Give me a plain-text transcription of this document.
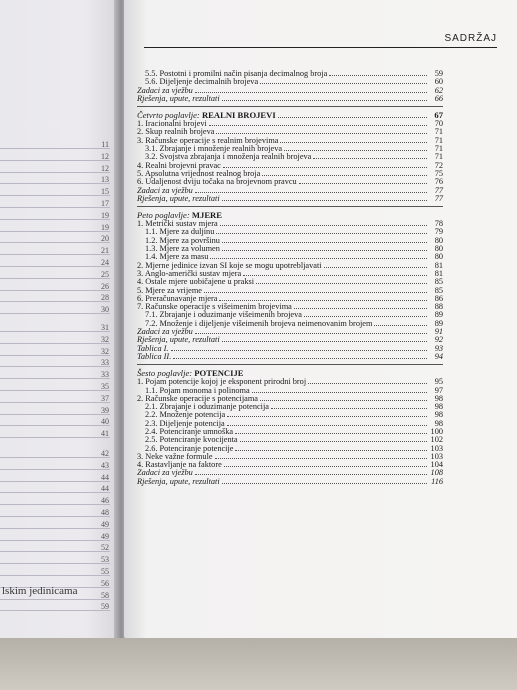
11
12
12
13
15
17
19
19
20
21
24
25
26
28
30
31
32
32
33
33
35
37
39
40
41
42
43
44
44
46
48
49
49
52
53
55
56
58
59
lskim jedinicama
SADRŽAJ
5.5. Postotni i promilni način pisanja decimalnog broja	59
5.6. Dijeljenje decimalnih brojeva	60
Zadaci za vježbu	62
Rješenja, upute, rezultati	66
Četvrto poglavlje: REALNI BROJEVI	67
1. Iracionalni brojevi	70
2. Skup realnih brojeva	71
3. Računske operacije s realnim brojevima	71
3.1. Zbrajanje i množenje realnih brojeva	71
3.2. Svojstva zbrajanja i množenja realnih brojeva	71
4. Realni brojevni pravac	72
5. Apsolutna vrijednost realnog broja	75
6. Udaljenost dviju točaka na brojevnom pravcu	76
Zadaci za vježbu	77
Rješenja, upute, rezultati	77
Peto poglavlje: MJERE
1. Metrički sustav mjera	78
1.1. Mjere za duljinu	79
1.2. Mjere za površinu	80
1.3. Mjere za volumen	80
1.4. Mjere za masu	80
2. Mjerne jedinice izvan SI koje se mogu upotrebljavati	81
3. Anglo-američki sustav mjera	81
4. Ostale mjere uobičajene u praksi	85
5. Mjere za vrijeme	85
6. Preračunavanje mjera	86
7. Računske operacije s višeimenim brojevima	88
7.1. Zbrajanje i oduzimanje višeimenih brojeva	89
7.2. Množenje i dijeljenje višeimenih brojeva neimenovanim brojem	89
Zadaci za vježbu	91
Rješenja, upute, rezultati	92
Tablica I.	93
Tablica II.	94
Šesto poglavlje: POTENCIJE
1. Pojam potencije kojoj je eksponent prirodni broj	95
1.1. Pojam monoma i polinoma	97
2. Računske operacije s potencijama	98
2.1. Zbrajanje i oduzimanje potencija	98
2.2. Množenje potencija	98
2.3. Dijeljenje potencija	98
2.4. Potenciranje umnoška	100
2.5. Potenciranje kvocijenta	102
2.6. Potenciranje potencije	103
3. Neke važne formule	103
4. Rastavljanje na faktore	104
Zadaci za vježbu	108
Rješenja, upute, rezultati	116
